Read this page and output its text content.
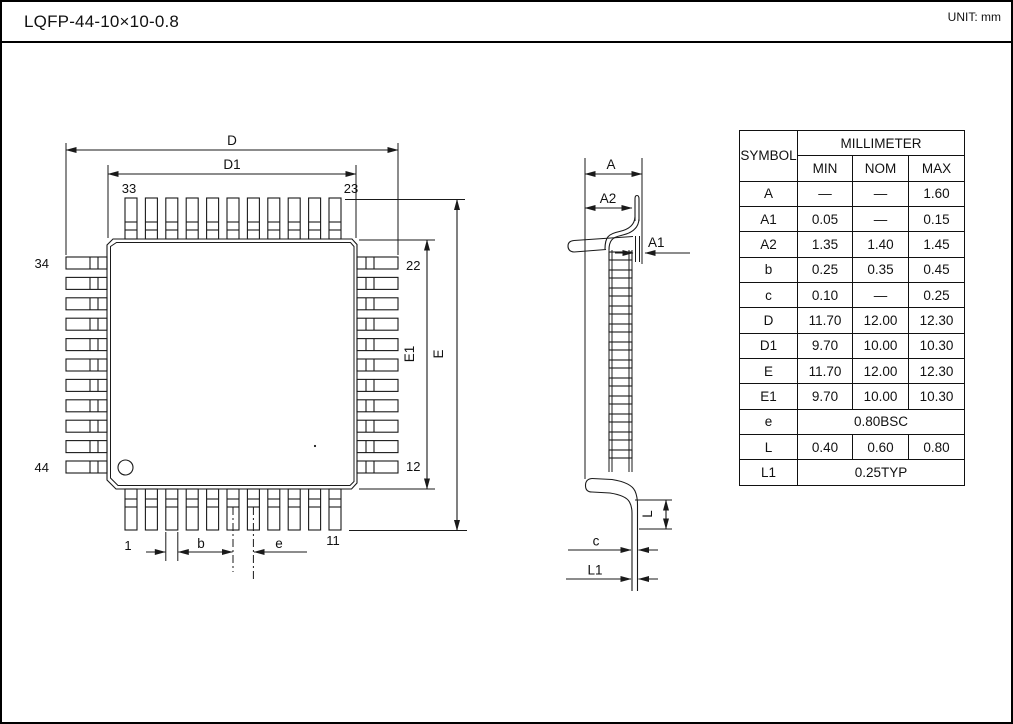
LQFP-44-10×10-0.8	UNIT: mm
D
D1
E
E1
b	e
33	23
34
44
22
12
1	11
A
A2
A1
L
c
L1
SYMBOL	MILLIMETER		
	MIN	NOM	MAX
A	—	—	1.60
A1	0.05	—	0.15
A2	1.35	1.40	1.45
b	0.25	0.35	0.45
c	0.10	—	0.25
D	11.70	12.00	12.30
D1	9.70	10.00	10.30
E	11.70	12.00	12.30
E1	9.70	10.00	10.30
e	0.80BSC		
L	0.40	0.60	0.80
L1	0.25TYP		
